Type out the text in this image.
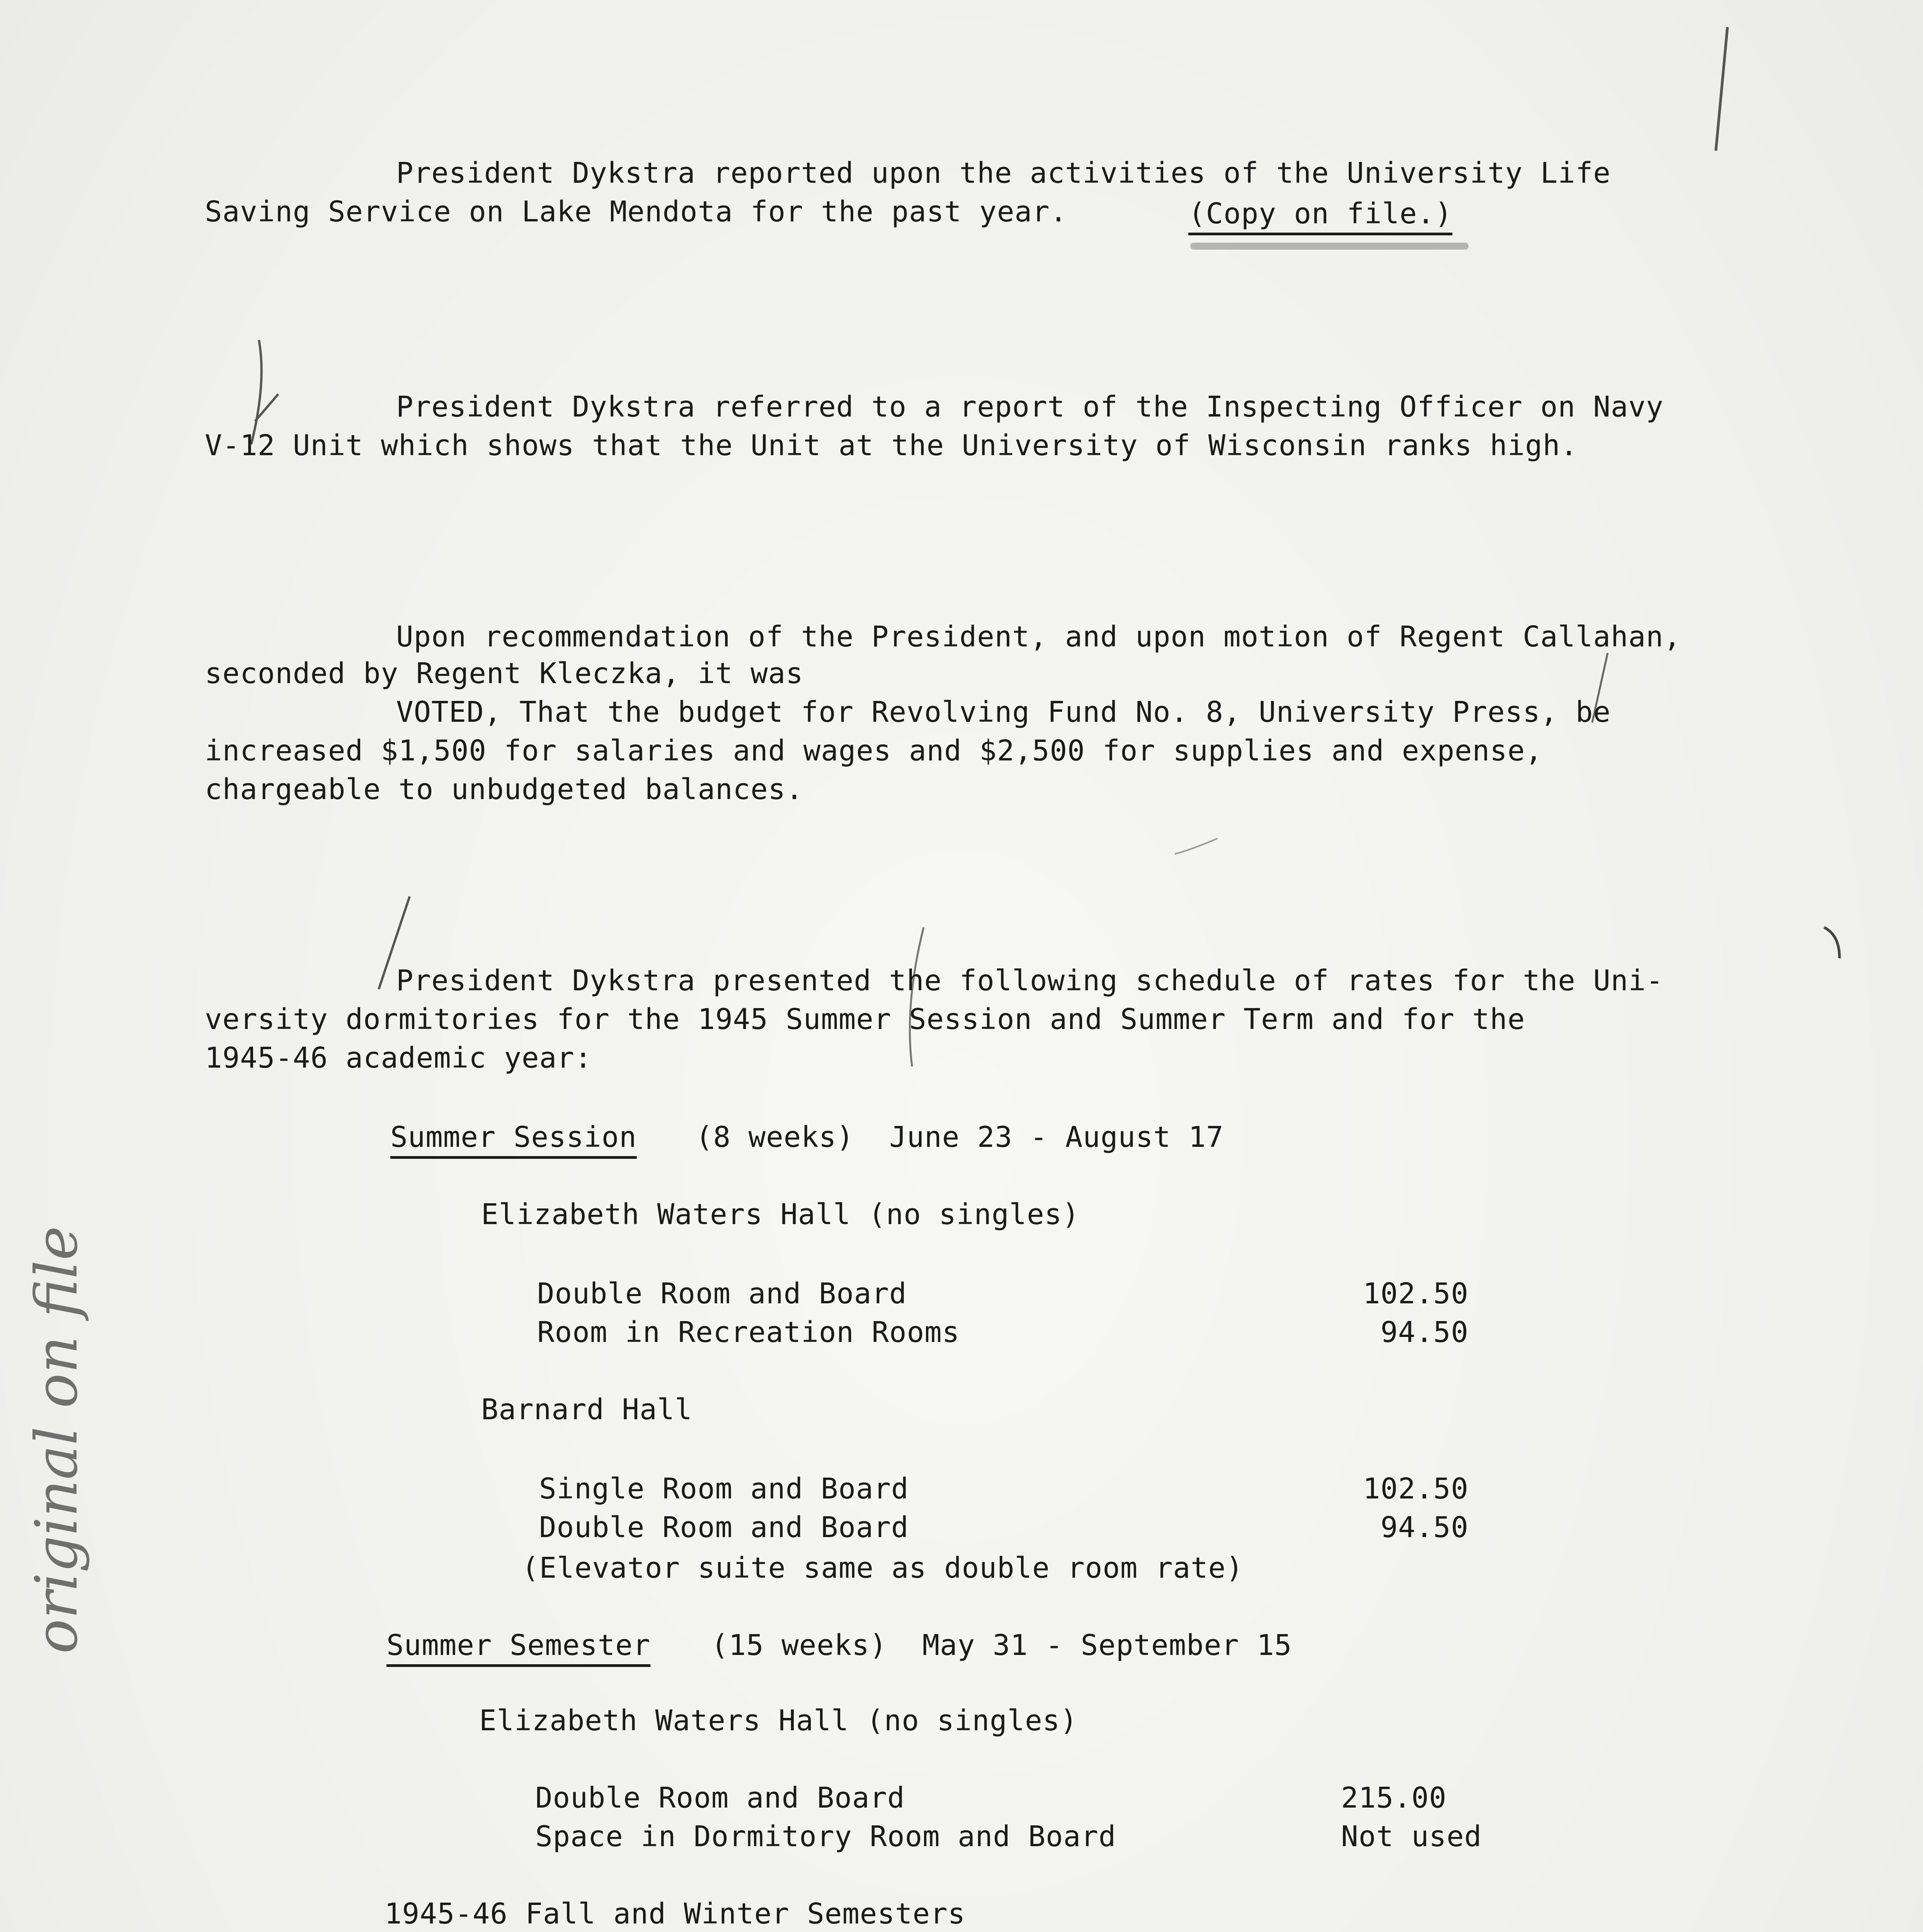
original on file
President Dykstra reported upon the activities of the University Life
Saving Service on Lake Mendota for the past year.	(Copy on file.)
President Dykstra referred to a report of the Inspecting Officer on Navy
V-12 Unit which shows that the Unit at the University of Wisconsin ranks high.
Upon recommendation of the President, and upon motion of Regent Callahan,
seconded by Regent Kleczka, it was
VOTED, That the budget for Revolving Fund No. 8, University Press, be
increased $1,500 for salaries and wages and $2,500 for supplies and expense,
chargeable to unbudgeted balances.
President Dykstra presented the following schedule of rates for the Uni-
versity dormitories for the 1945 Summer Session and Summer Term and for the
1945-46 academic year:
Summer Session (8 weeks)  June 23 - August 17
Elizabeth Waters Hall (no singles)
Double Room and Board	102.50
Room in Recreation Rooms	94.50
Barnard Hall
Single Room and Board	102.50
Double Room and Board	94.50
(Elevator suite same as double room rate)
Summer Semester (15 weeks)  May 31 - September 15
Elizabeth Waters Hall (no singles)
Double Room and Board	215.00
Space in Dormitory Room and Board	Not used
1945-46 Fall and Winter Semesters
